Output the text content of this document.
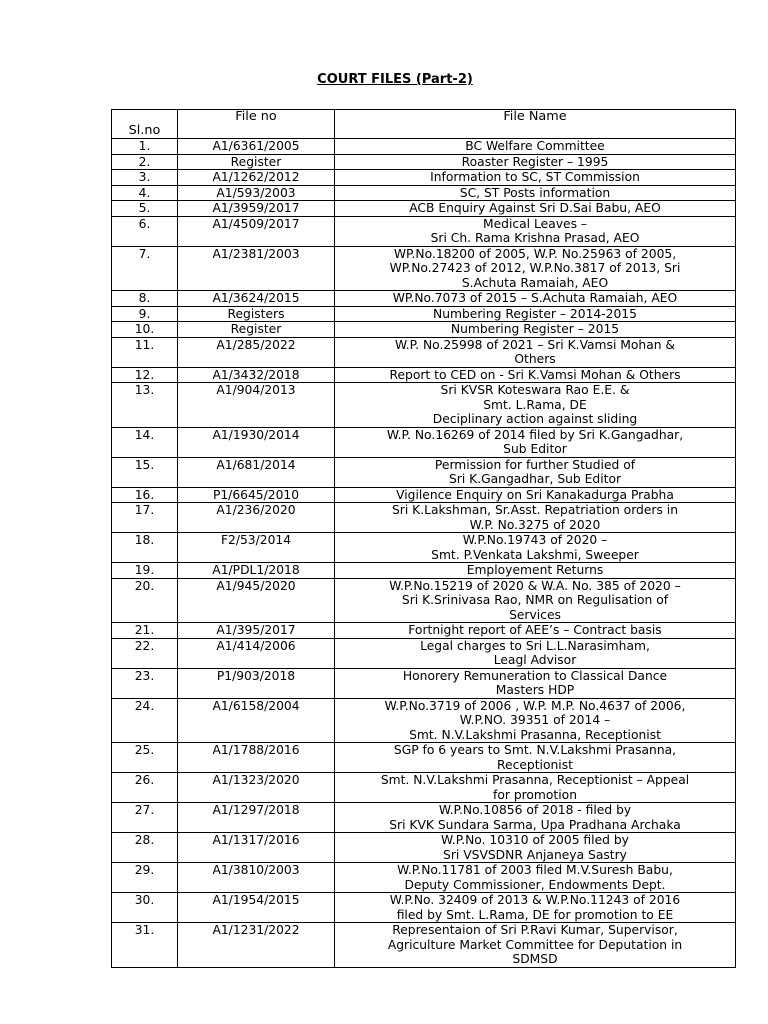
COURT FILES (Part-2)
Sl.no	File no	File Name
1.	A1/6361/2005	BC Welfare Committee
2.	Register	Roaster Register – 1995
3.	A1/1262/2012	Information to SC, ST Commission
4.	A1/593/2003	SC, ST Posts information
5.	A1/3959/2017	ACB Enquiry Against Sri D.Sai Babu, AEO
6.	A1/4509/2017	Medical Leaves –
Sri Ch. Rama Krishna Prasad, AEO
7.	A1/2381/2003	WP.No.18200 of 2005, W.P. No.25963 of 2005,
WP.No.27423 of 2012, W.P.No.3817 of 2013, Sri
S.Achuta Ramaiah, AEO
8.	A1/3624/2015	WP.No.7073 of 2015 – S.Achuta Ramaiah, AEO
9.	Registers	Numbering Register – 2014-2015
10.	Register	Numbering Register – 2015
11.	A1/285/2022	W.P. No.25998 of 2021 – Sri K.Vamsi Mohan &
Others
12.	A1/3432/2018	Report to CED on - Sri K.Vamsi Mohan & Others
13.	A1/904/2013	Sri KVSR Koteswara Rao E.E. &
Smt. L.Rama, DE
Deciplinary action against sliding
14.	A1/1930/2014	W.P. No.16269 of 2014 filed by Sri K.Gangadhar,
Sub Editor
15.	A1/681/2014	Permission for further Studied of
Sri K.Gangadhar, Sub Editor
16.	P1/6645/2010	Vigilence Enquiry on Sri Kanakadurga Prabha
17.	A1/236/2020	Sri K.Lakshman, Sr.Asst. Repatriation orders in
W.P. No.3275 of 2020
18.	F2/53/2014	W.P.No.19743 of 2020 –
Smt. P.Venkata Lakshmi, Sweeper
19.	A1/PDL1/2018	Employement Returns
20.	A1/945/2020	W.P.No.15219 of 2020 & W.A. No. 385 of 2020 –
Sri K.Srinivasa Rao, NMR on Regulisation of
Services
21.	A1/395/2017	Fortnight report of AEE’s – Contract basis
22.	A1/414/2006	Legal charges to Sri L.L.Narasimham,
Leagl Advisor
23.	P1/903/2018	Honorery Remuneration to Classical Dance
Masters HDP
24.	A1/6158/2004	W.P.No.3719 of 2006 , W.P. M.P. No.4637 of 2006,
W.P.NO. 39351 of 2014 –
Smt. N.V.Lakshmi Prasanna, Receptionist
25.	A1/1788/2016	SGP fo 6 years to Smt. N.V.Lakshmi Prasanna,
Receptionist
26.	A1/1323/2020	Smt. N.V.Lakshmi Prasanna, Receptionist – Appeal
for promotion
27.	A1/1297/2018	W.P.No.10856 of 2018 - filed by
Sri KVK Sundara Sarma, Upa Pradhana Archaka
28.	A1/1317/2016	W.P.No. 10310 of 2005 filed by
Sri VSVSDNR Anjaneya Sastry
29.	A1/3810/2003	W.P.No.11781 of 2003 filed M.V.Suresh Babu,
Deputy Commissioner, Endowments Dept.
30.	A1/1954/2015	W.P.No. 32409 of 2013 & W.P.No.11243 of 2016
filed by Smt. L.Rama, DE for promotion to EE
31.	A1/1231/2022	Representaion of Sri P.Ravi Kumar, Supervisor,
Agriculture Market Committee for Deputation in
SDMSD
